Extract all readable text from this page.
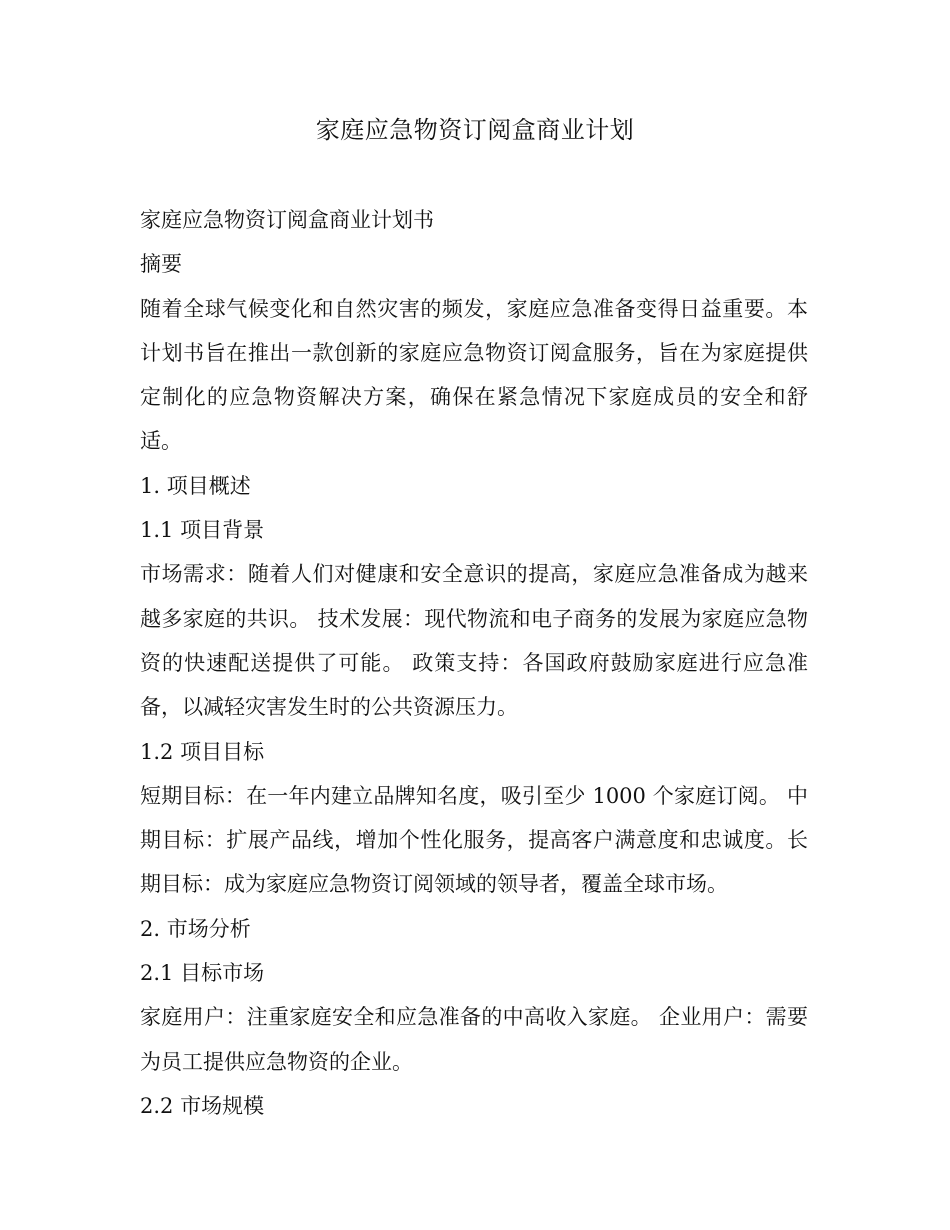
家庭应急物资订阅盒商业计划
家庭应急物资订阅盒商业计划书
摘要
随着全球气候变化和自然灾害的频发，家庭应急准备变得日益重要。本计划书旨在推出一款创新的家庭应急物资订阅盒服务，旨在为家庭提供定制化的应急物资解决方案，确保在紧急情况下家庭成员的安全和舒适。
1. 项目概述
1.1 项目背景
市场需求：随着人们对健康和安全意识的提高，家庭应急准备成为越来越多家庭的共识。 技术发展：现代物流和电子商务的发展为家庭应急物资的快速配送提供了可能。 政策支持：各国政府鼓励家庭进行应急准备，以减轻灾害发生时的公共资源压力。
1.2 项目目标
短期目标：在一年内建立品牌知名度，吸引至少 1000 个家庭订阅。 中期目标：扩展产品线，增加个性化服务，提高客户满意度和忠诚度。长期目标：成为家庭应急物资订阅领域的领导者，覆盖全球市场。
2. 市场分析
2.1 目标市场
家庭用户：注重家庭安全和应急准备的中高收入家庭。 企业用户：需要为员工提供应急物资的企业。
2.2 市场规模
